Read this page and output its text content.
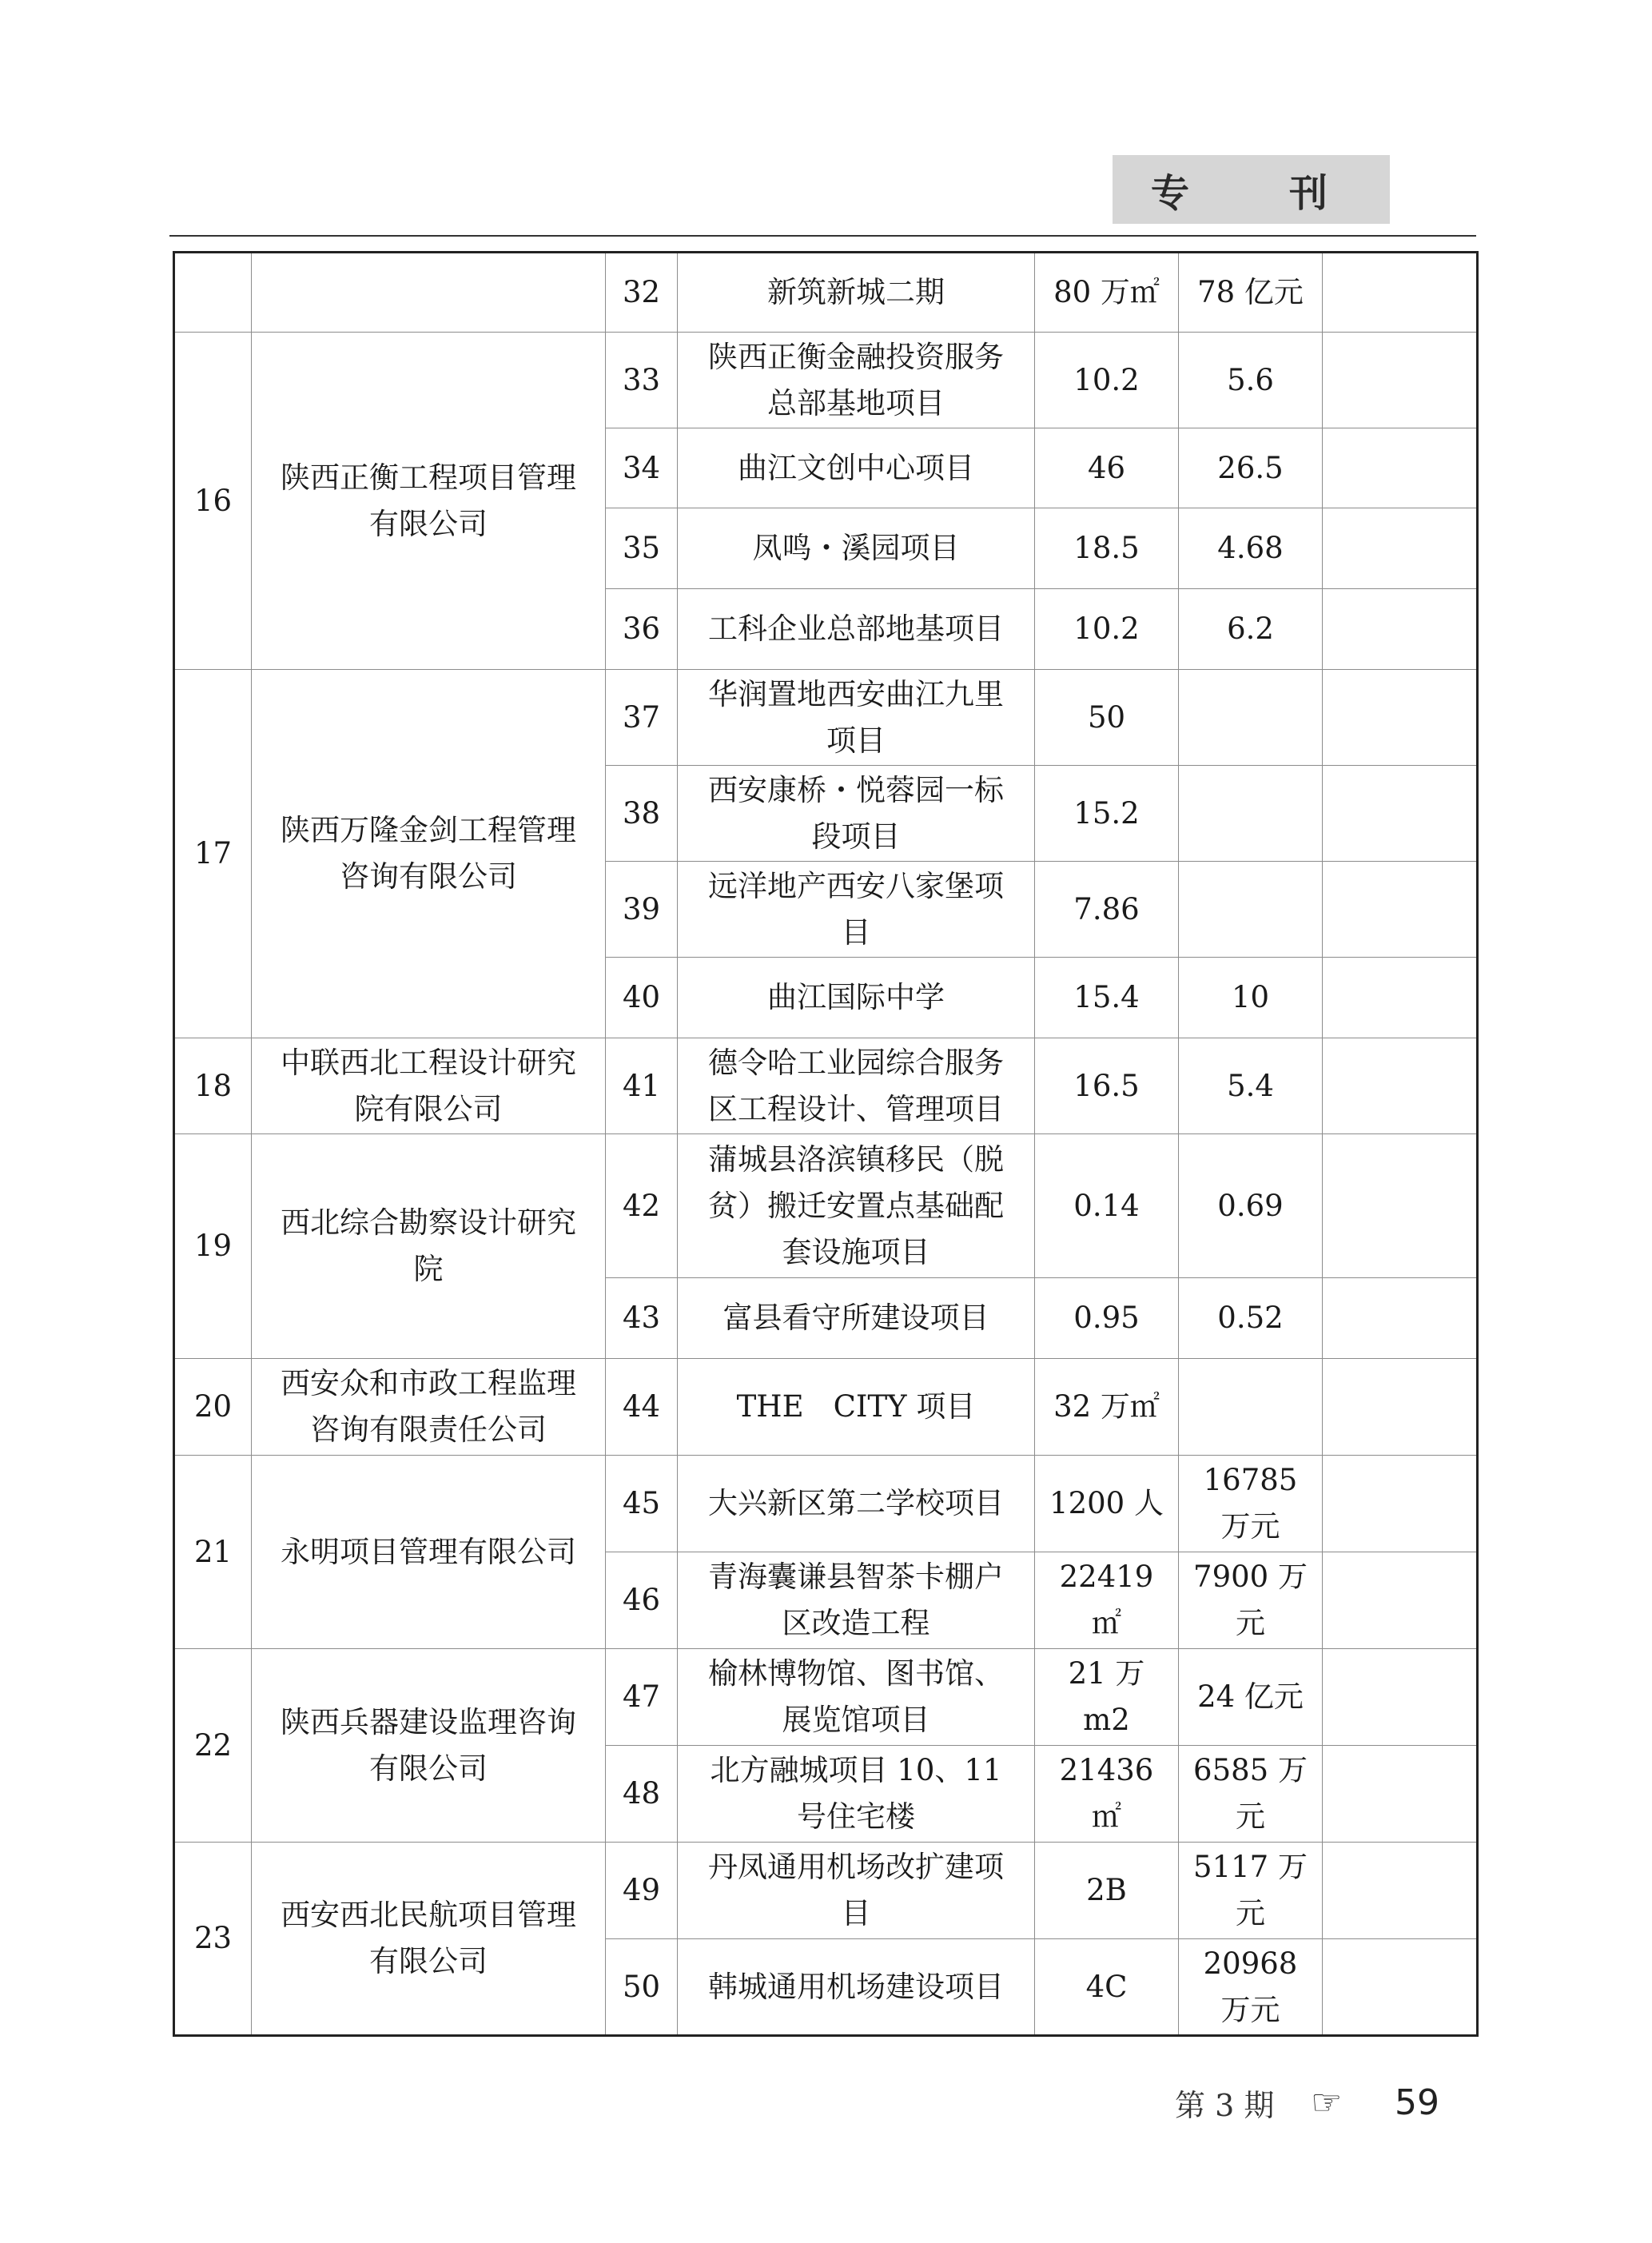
专	刊
		32	新筑新城二期	80 万㎡	78 亿元	
16	陕西正衡工程项目管理有限公司	33	陕西正衡金融投资服务总部基地项目	10.2	5.6	
		34	曲江文创中心项目	46	26.5	
		35	凤鸣・溪园项目	18.5	4.68	
		36	工科企业总部地基项目	10.2	6.2	
17	陕西万隆金剑工程管理咨询有限公司	37	华润置地西安曲江九里项目	50		
		38	西安康桥・悦蓉园一标段项目	15.2		
		39	远洋地产西安八家堡项目	7.86		
		40	曲江国际中学	15.4	10	
18	中联西北工程设计研究院有限公司	41	德令哈工业园综合服务区工程设计、管理项目	16.5	5.4	
19	西北综合勘察设计研究院	42	蒲城县洛滨镇移民（脱贫）搬迁安置点基础配套设施项目	0.14	0.69	
		43	富县看守所建设项目	0.95	0.52	
20	西安众和市政工程监理咨询有限责任公司	44	THE　CITY 项目	32 万㎡		
21	永明项目管理有限公司	45	大兴新区第二学校项目	1200 人	16785 万元	
		46	青海囊谦县智茶卡棚户区改造工程	22419 ㎡	7900 万元	
22	陕西兵器建设监理咨询有限公司	47	榆林博物馆、图书馆、展览馆项目	21 万 m2	24 亿元	
		48	北方融城项目 10、11 号住宅楼	21436 ㎡	6585 万元	
23	西安西北民航项目管理有限公司	49	丹凤通用机场改扩建项目	2B	5117 万元	
		50	韩城通用机场建设项目	4C	20968 万元	
第 3 期 ☞ 59
